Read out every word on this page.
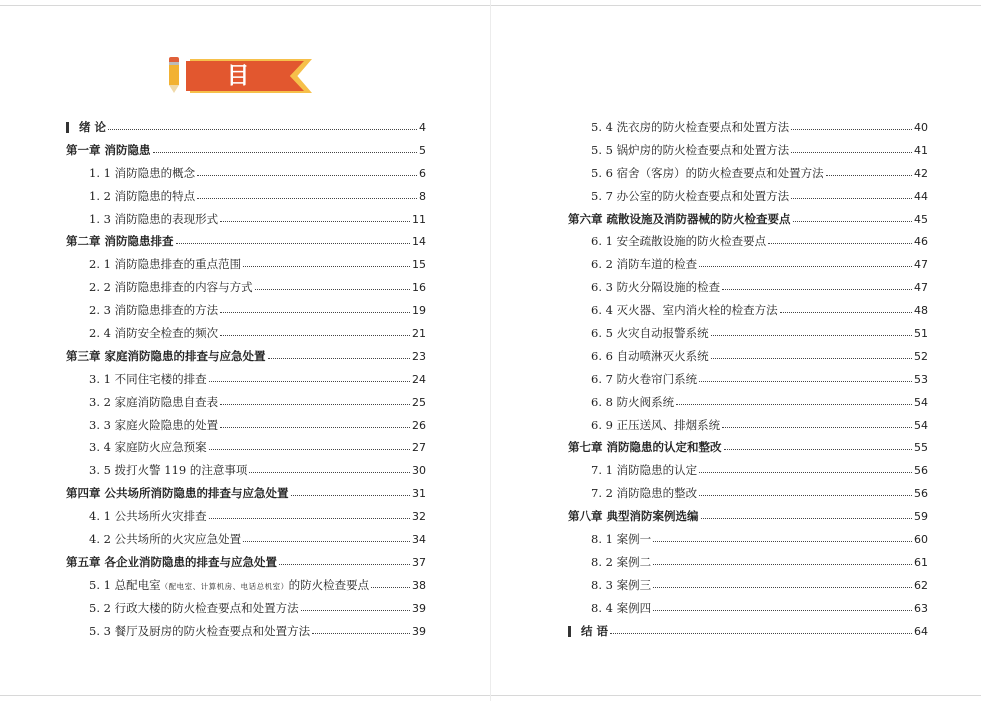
目 录
绪 论	4
第一章 消防隐患	5
1. 1 消防隐患的概念	6
1. 2 消防隐患的特点	8
1. 3 消防隐患的表现形式	11
第二章 消防隐患排查	14
2. 1 消防隐患排查的重点范围	15
2. 2 消防隐患排查的内容与方式	16
2. 3 消防隐患排查的方法	19
2. 4 消防安全检查的频次	21
第三章 家庭消防隐患的排查与应急处置	23
3. 1 不同住宅楼的排查	24
3. 2 家庭消防隐患自查表	25
3. 3 家庭火险隐患的处置	26
3. 4 家庭防火应急预案	27
3. 5 拨打火警 119 的注意事项	30
第四章 公共场所消防隐患的排查与应急处置	31
4. 1 公共场所火灾排查	32
4. 2 公共场所的火灾应急处置	34
第五章 各企业消防隐患的排查与应急处置	37
5. 1 总配电室（配电室、计算机房、电话总机室）的防火检查要点	38
5. 2 行政大楼的防火检查要点和处置方法	39
5. 3 餐厅及厨房的防火检查要点和处置方法	39
5. 4 洗衣房的防火检查要点和处置方法	40
5. 5 锅炉房的防火检查要点和处置方法	41
5. 6 宿舍（客房）的防火检查要点和处置方法	42
5. 7 办公室的防火检查要点和处置方法	44
第六章 疏散设施及消防器械的防火检查要点	45
6. 1 安全疏散设施的防火检查要点	46
6. 2 消防车道的检查	47
6. 3 防火分隔设施的检查	47
6. 4 灭火器、室内消火栓的检查方法	48
6. 5 火灾自动报警系统	51
6. 6 自动喷淋灭火系统	52
6. 7 防火卷帘门系统	53
6. 8 防火阀系统	54
6. 9 正压送风、排烟系统	54
第七章 消防隐患的认定和整改	55
7. 1 消防隐患的认定	56
7. 2 消防隐患的整改	56
第八章 典型消防案例选编	59
8. 1 案例一	60
8. 2 案例二	61
8. 3 案例三	62
8. 4 案例四	63
结 语	64
